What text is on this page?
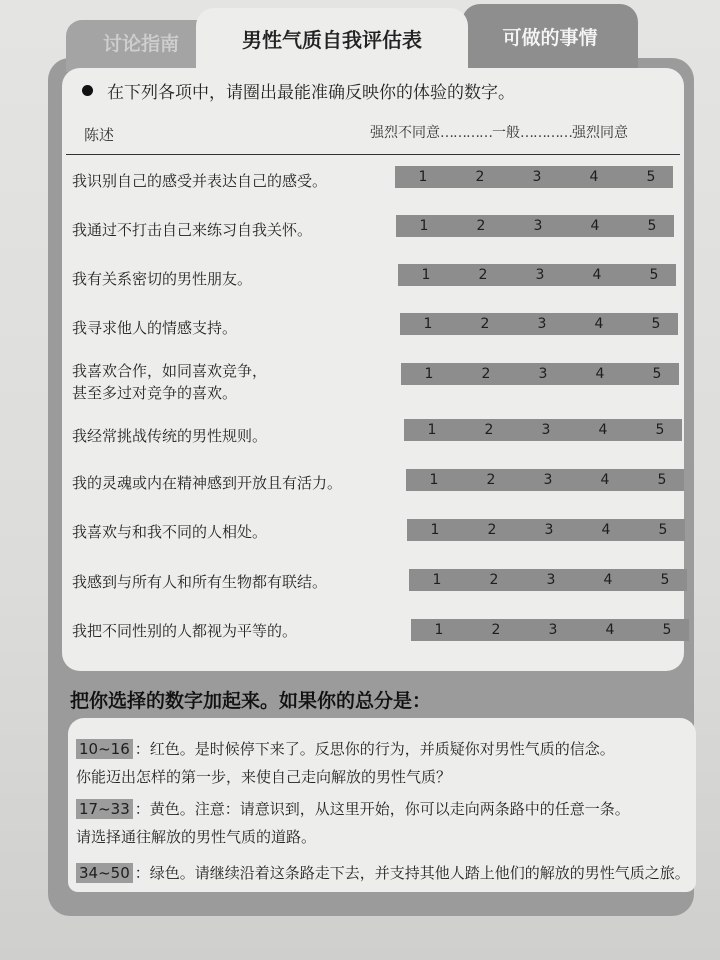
讨论指南	可做的事情
男性气质自我评估表
在下列各项中，请圈出最能准确反映你的体验的数字。
陈述	强烈不同意…………一般…………强烈同意
我识别自己的感受并表达自己的感受。	1	2	3	4	5
我通过不打击自己来练习自我关怀。	1	2	3	4	5
我有关系密切的男性朋友。	1	2	3	4	5
我寻求他人的情感支持。	1	2	3	4	5
我喜欢合作，如同喜欢竞争，
甚至多过对竞争的喜欢。
1	2	3	4	5
我经常挑战传统的男性规则。	1	2	3	4	5
我的灵魂或内在精神感到开放且有活力。	1	2	3	4	5
我喜欢与和我不同的人相处。	1	2	3	4	5
我感到与所有人和所有生物都有联结。	1	2	3	4	5
我把不同性别的人都视为平等的。	1	2	3	4	5
把你选择的数字加起来。如果你的总分是：
10~16 ：红色。是时候停下来了。反思你的行为，并质疑你对男性气质的信念。
你能迈出怎样的第一步，来使自己走向解放的男性气质？
17~33 ：黄色。注意：请意识到，从这里开始，你可以走向两条路中的任意一条。
请选择通往解放的男性气质的道路。
34~50 ：绿色。请继续沿着这条路走下去，并支持其他人踏上他们的解放的男性气质之旅。
